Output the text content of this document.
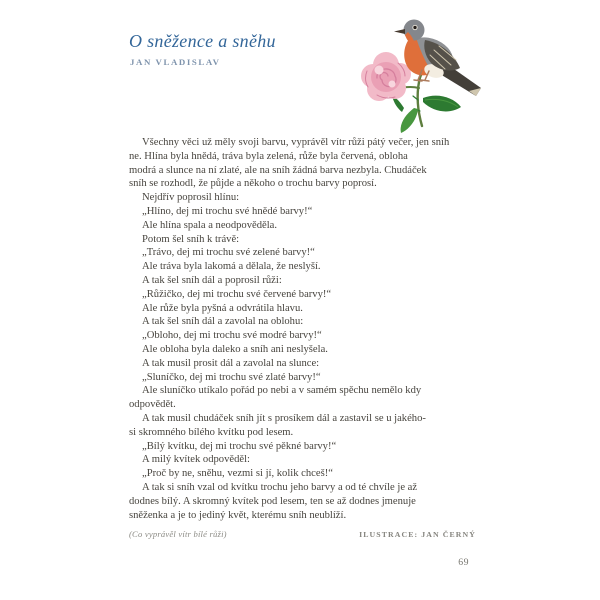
O sněžence a sněhu
JAN VLADISLAV
Všechny věci už měly svoji barvu, vyprávěl vítr růži pátý večer, jen sníh
ne. Hlína byla hnědá, tráva byla zelená, růže byla červená, obloha
modrá a slunce na ní zlaté, ale na sníh žádná barva nezbyla. Chudáček
sníh se rozhodl, že půjde a někoho o trochu barvy poprosí.
Nejdřív poprosil hlínu:
„Hlíno, dej mi trochu své hnědé barvy!“
Ale hlína spala a neodpověděla.
Potom šel sníh k trávě:
„Trávo, dej mi trochu své zelené barvy!“
Ale tráva byla lakomá a dělala, že neslyší.
A tak šel sníh dál a poprosil růži:
„Růžičko, dej mi trochu své červené barvy!“
Ale růže byla pyšná a odvrátila hlavu.
A tak šel sníh dál a zavolal na oblohu:
„Obloho, dej mi trochu své modré barvy!“
Ale obloha byla daleko a sníh ani neslyšela.
A tak musil prosit dál a zavolal na slunce:
„Sluníčko, dej mi trochu své zlaté barvy!“
Ale sluníčko utíkalo pořád po nebi a v samém spěchu nemělo kdy
odpovědět.
A tak musil chudáček sníh jít s prosíkem dál a zastavil se u jakého-
si skromného bílého kvítku pod lesem.
„Bílý kvítku, dej mi trochu své pěkné barvy!“
A milý kvítek odpověděl:
„Proč by ne, sněhu, vezmi si jí, kolik chceš!“
A tak si sníh vzal od kvítku trochu jeho barvy a od té chvíle je až
dodnes bílý. A skromný kvítek pod lesem, ten se až dodnes jmenuje
sněženka a je to jediný květ, kterému sníh neublíží.
(Co vyprávěl vítr bílé růži)	ILUSTRACE: JAN ČERNÝ
69
